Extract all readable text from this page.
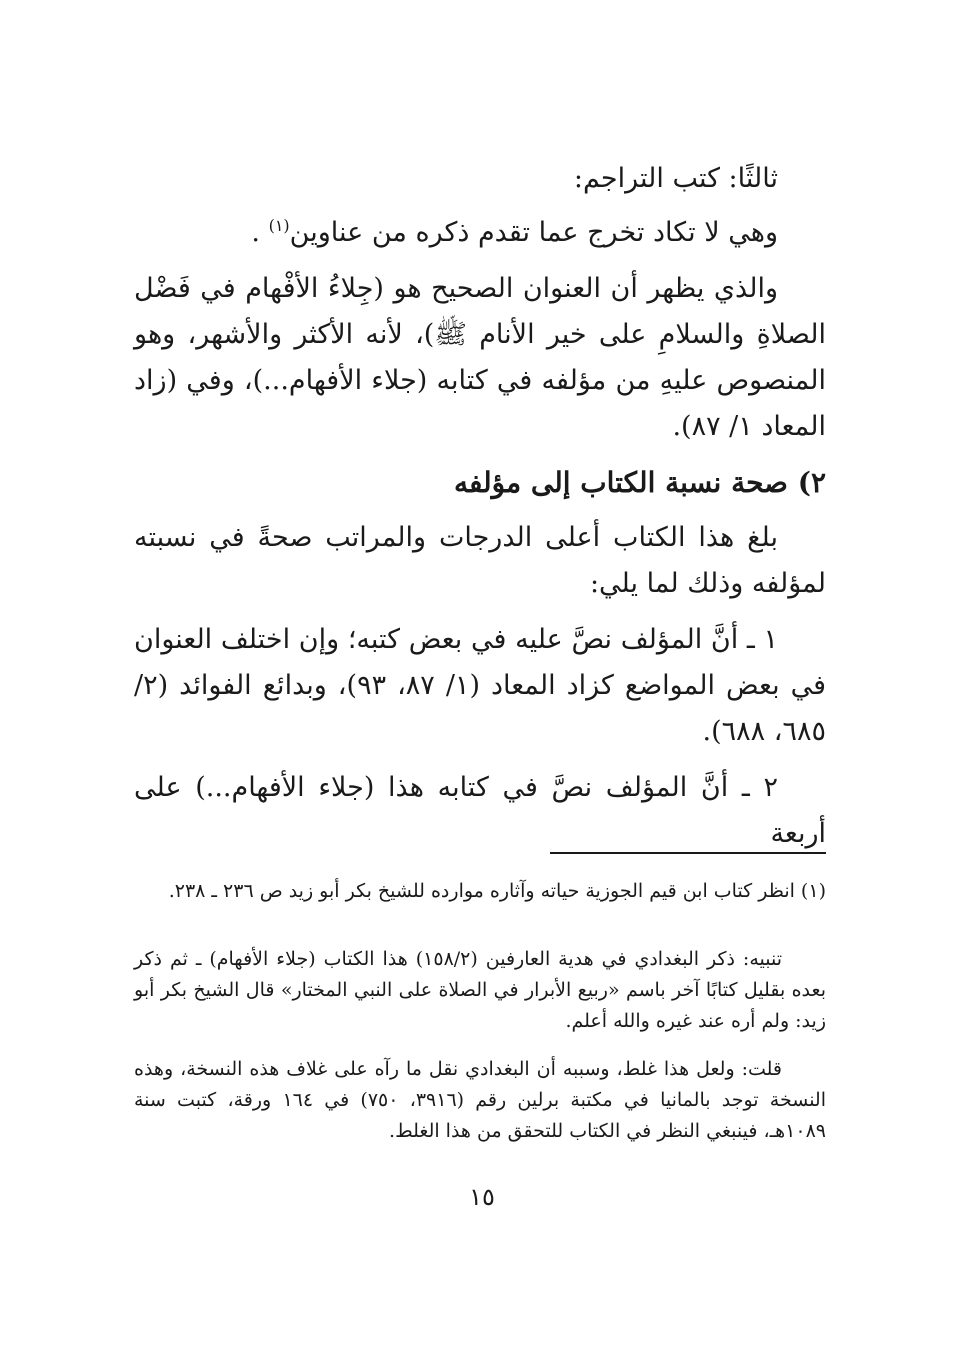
ثالثًا: كتب التراجم:
وهي لا تكاد تخرج عما تقدم ذكره من عناوين$^{(١)}$ .
والذي يظهر أن العنوان الصحيح هو (جِلاءُ الأفْهام في فَضْل الصلاةِ والسلامِ على خير الأنام ﷺ)، لأنه الأكثر والأشهر، وهو المنصوص عليهِ من مؤلفه في كتابه (جلاء الأفهام...)، وفي (زاد المعاد ١/ ٨٧).
٢) صحة نسبة الكتاب إلى مؤلفه
بلغ هذا الكتاب أعلى الدرجات والمراتب صحةً في نسبته لمؤلفه وذلك لما يلي:
١ ـ أنَّ المؤلف نصَّ عليه في بعض كتبه؛ وإن اختلف العنوان في بعض المواضع كزاد المعاد (١/ ٨٧، ٩٣)، وبدائع الفوائد (٢/ ٦٨٥، ٦٨٨).
٢ ـ أنَّ المؤلف نصَّ في كتابه هذا (جلاء الأفهام...) على أربعة
(١) انظر كتاب ابن قيم الجوزية حياته وآثاره موارده للشيخ بكر أبو زيد ص ٢٣٦ ـ ٢٣٨.
تنبيه: ذكر البغدادي في هدية العارفين (١٥٨/٢) هذا الكتاب (جلاء الأفهام) ـ ثم ذكر بعده بقليل كتابًا آخر باسم «ربيع الأبرار في الصلاة على النبي المختار» قال الشيخ بكر أبو زيد: ولم أره عند غيره والله أعلم.
قلت: ولعل هذا غلط، وسببه أن البغدادي نقل ما رآه على غلاف هذه النسخة، وهذه النسخة توجد بالمانيا في مكتبة برلين رقم (٣٩١٦، ٧٥٠) في ١٦٤ ورقة، كتبت سنة ١٠٨٩هـ، فينبغي النظر في الكتاب للتحقق من هذا الغلط.
١٥
